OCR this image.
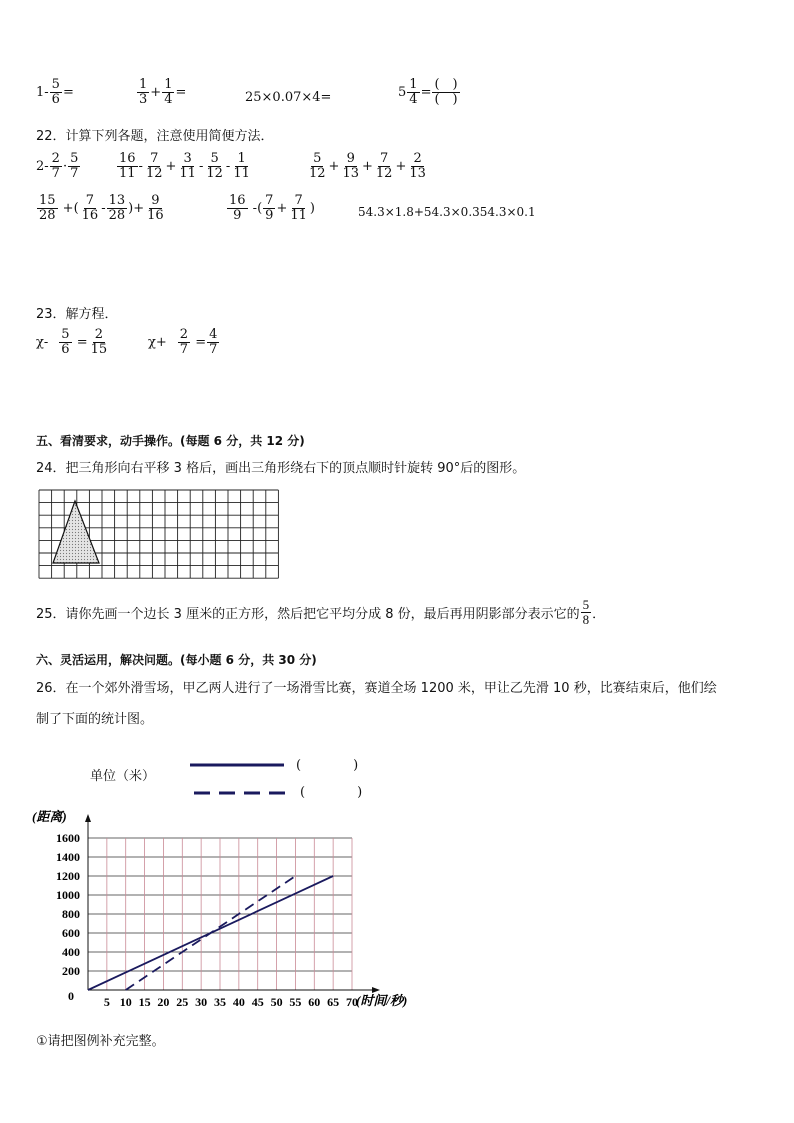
$1- \frac{5}{6}$ =	$\frac{1}{3} + \frac{1}{4}$ =	25×0.07×4=	$5 \frac{1}{4} = \frac{( )}{( )}$
22．计算下列各题，注意使用简便方法．
$2- \frac{2}{7} \cdot \frac{5}{7}$	$\frac{16}{11} - \frac{7}{12} + \frac{3}{11} - \frac{5}{12} - \frac{1}{11}$	$\frac{5}{12} + \frac{9}{13} + \frac{7}{12} + \frac{2}{13}$
$\frac{15}{28}$ +( $\frac{7}{16} - \frac{13}{28}$ )+ $\frac{9}{16}$	$\frac{16}{9}$ -( $\frac{7}{9} + \frac{7}{11}$ )	54.3×1.8+54.3×0.354.3×0.1
23．解方程．
$\chi- \frac{5}{6} = \frac{2}{15}$	$\chi+ \frac{2}{7} = \frac{4}{7}$
五、看清要求，动手操作。(每题 6 分，共 12 分)
24．把三角形向右平移 3 格后，画出三角形绕右下的顶点顺时针旋转 90°后的图形。
25．请你先画一个边长 3 厘米的正方形，然后把它平均分成 8 份，最后再用阴影部分表示它的 $\frac{5}{8}$ ．
六、灵活运用，解决问题。(每小题 6 分，共 30 分)
26．在一个郊外滑雪场，甲乙两人进行了一场滑雪比赛，赛道全场 1200 米，甲让乙先滑 10 秒，比赛结束后，他们绘
制了下面的统计图。
单位（米）
(　　　　)
(　　　　)
0
200
400
600
800
1000
1200
1400
1600
5 10 15 20 25 30 35 40 45 50 55 60 65 70
(距离)
(时间/秒)
①请把图例补充完整。
